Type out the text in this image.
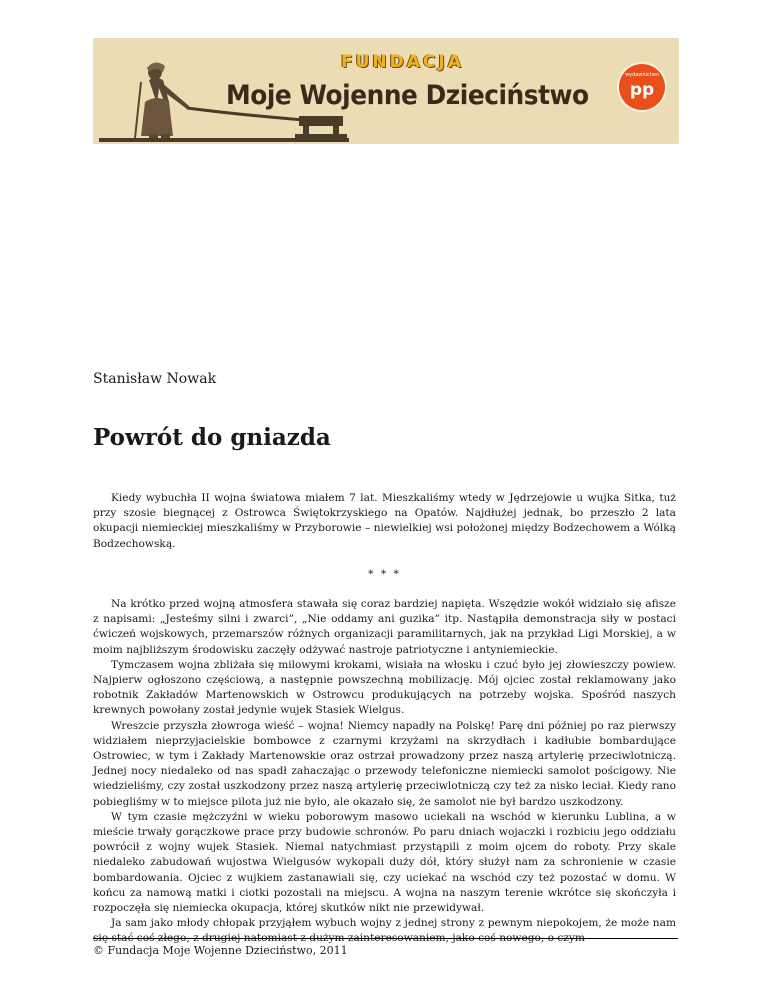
FUNDACJA
Moje Wojenne Dzieciństwo
wydawnictwo
pp
Stanisław Nowak
Powrót do gniazda

Kiedy wybuchła II wojna światowa miałem 7 lat. Mieszkaliśmy wtedy w Jędrzejowie u wujka Sitka, tuż przy szosie biegnącej z Ostrowca Świętokrzyskiego na Opatów. Najdłużej jednak, bo przeszło 2 lata okupacji niemieckiej mieszkaliśmy w Przyborowie – niewielkiej wsi położonej między Bodzechowem a Wólką Bodzechowską.

* * *

Na krótko przed wojną atmosfera stawała się coraz bardziej napięta. Wszędzie wokół widziało się afisze z napisami: „Jesteśmy silni i zwarci”, „Nie oddamy ani guzika” itp. Nastąpiła demonstracja siły w postaci ćwiczeń wojskowych, przemarszów różnych organizacji paramilitarnych, jak na przykład Ligi Morskiej, a w moim najbliższym środowisku zaczęły odżywać nastroje patriotyczne i antyniemieckie.

Tymczasem wojna zbliżała się milowymi krokami, wisiała na włosku i czuć było jej złowieszczy powiew. Najpierw ogłoszono częściową, a następnie powszechną mobilizację. Mój ojciec został reklamowany jako robotnik Zakładów Martenowskich w Ostrowcu produkujących na potrzeby wojska. Spośród naszych krewnych powołany został jedynie wujek Stasiek Wielgus.

Wreszcie przyszła złowroga wieść – wojna! Niemcy napadły na Polskę! Parę dni później po raz pierwszy widziałem nieprzyjacielskie bombowce z czarnymi krzyżami na skrzydłach i kadłubie bombardujące Ostrowiec, w tym i Zakłady Martenowskie oraz ostrzał prowadzony przez naszą artylerię przeciwlotniczą. Jednej nocy niedaleko od nas spadł zahaczając o przewody telefoniczne niemiecki samolot pościgowy. Nie wiedzieliśmy, czy został uszkodzony przez naszą artylerię przeciwlotniczą czy też za nisko leciał. Kiedy rano pobiegliśmy w to miejsce pilota już nie było, ale okazało się, że samolot nie był bardzo uszkodzony.

W tym czasie mężczyźni w wieku poborowym masowo uciekali na wschód w kierunku Lublina, a w mieście trwały gorączkowe prace przy budowie schronów. Po paru dniach wojaczki i rozbiciu jego oddziału powrócił z wojny wujek Stasiek. Niemal natychmiast przystąpili z moim ojcem do roboty. Przy skale niedaleko zabudowań wujostwa Wielgusów wykopali duży dół, który służył nam za schronienie w czasie bombardowania. Ojciec z wujkiem zastanawiali się, czy uciekać na wschód czy też pozostać w domu. W końcu za namową matki i ciotki pozostali na miejscu. A wojna na naszym terenie wkrótce się skończyła i rozpoczęła się niemiecka okupacja, której skutków nikt nie przewidywał.

Ja sam jako młody chłopak przyjąłem wybuch wojny z jednej strony z pewnym niepokojem, że może nam się stać coś złego, z drugiej natomiast z dużym zainteresowaniem, jako coś nowego, o czym

© Fundacja Moje Wojenne Dzieciństwo, 2011
